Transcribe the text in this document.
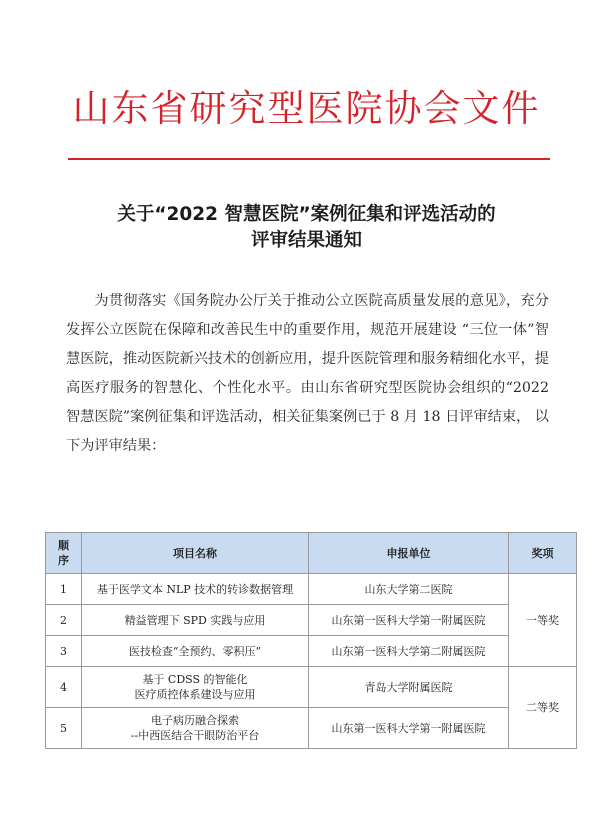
山东省研究型医院协会文件
关于“2022 智慧医院”案例征集和评选活动的
评审结果通知
为贯彻落实《国务院办公厅关于推动公立医院高质量发展的意见》，充分发挥公立医院在保障和改善民生中的重要作用，规范开展建设 “三位一体”智慧医院，推动医院新兴技术的创新应用，提升医院管理和服务精细化水平，提高医疗服务的智慧化、个性化水平。由山东省研究型医院协会组织的“2022 智慧医院”案例征集和评选活动，相关征集案例已于 8 月 18 日评审结束， 以下为评审结果：
顺
序	项目名称	申报单位	奖项
1	基于医学文本 NLP 技术的转诊数据管理	山东大学第二医院	一等奖
2	精益管理下 SPD 实践与应用	山东第一医科大学第一附属医院	
3	医技检查“全预约、零积压”	山东第一医科大学第二附属医院	
4	基于 CDSS 的智能化
医疗质控体系建设与应用	青岛大学附属医院	二等奖
5	电子病历融合探索
--中西医结合干眼防治平台	山东第一医科大学第一附属医院	
